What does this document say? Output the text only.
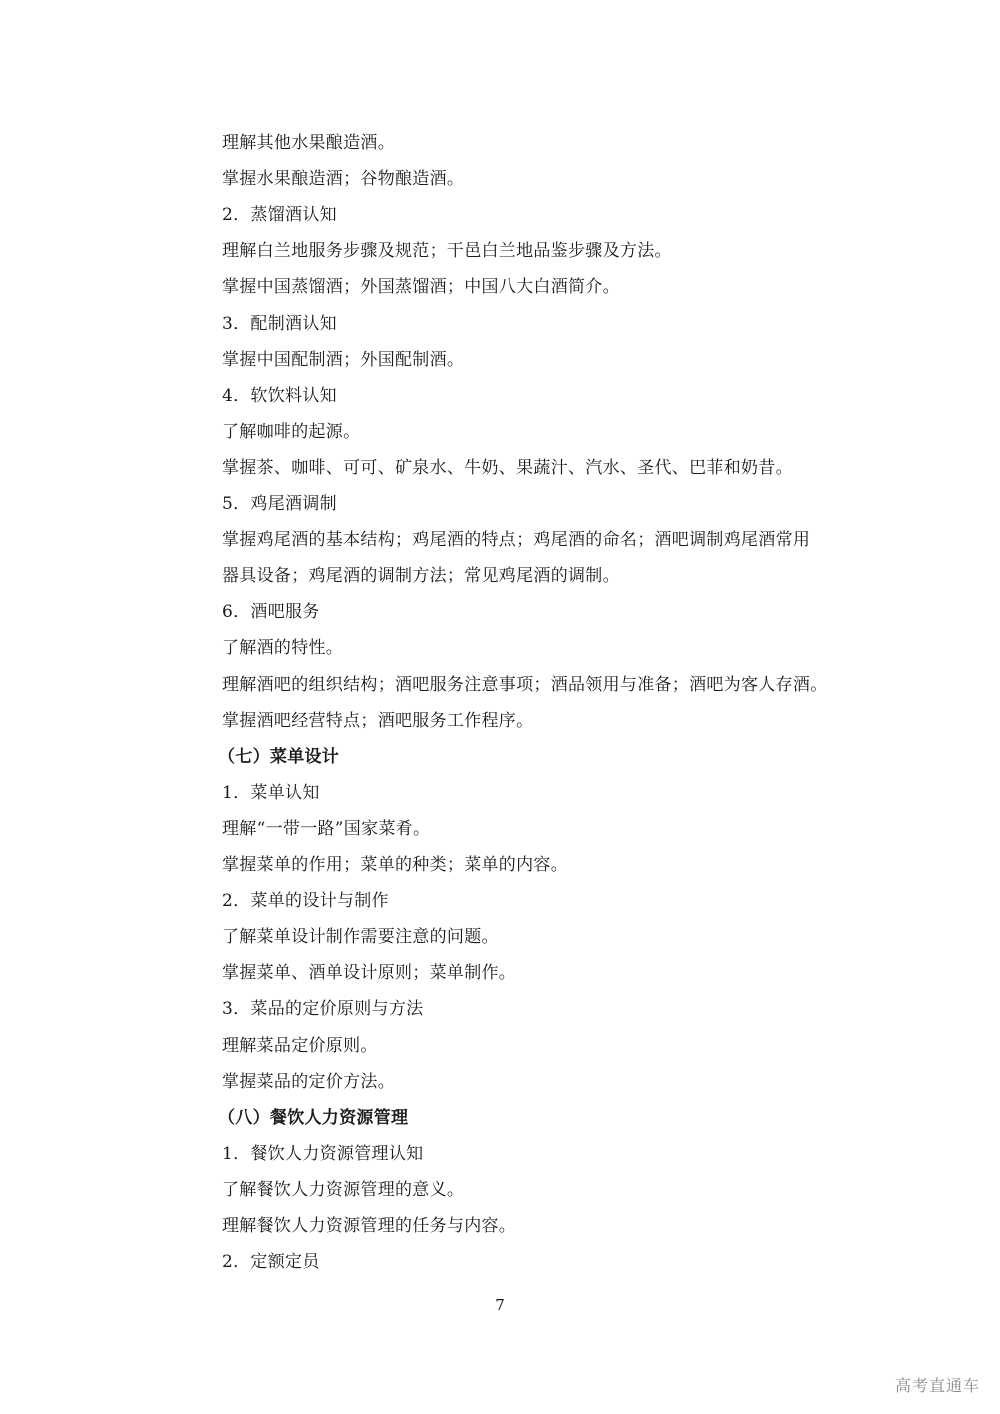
理解其他水果酿造酒。
掌握水果酿造酒；谷物酿造酒。
2．蒸馏酒认知
理解白兰地服务步骤及规范；干邑白兰地品鉴步骤及方法。
掌握中国蒸馏酒；外国蒸馏酒；中国八大白酒简介。
3．配制酒认知
掌握中国配制酒；外国配制酒。
4．软饮料认知
了解咖啡的起源。
掌握茶、咖啡、可可、矿泉水、牛奶、果蔬汁、汽水、圣代、巴菲和奶昔。
5．鸡尾酒调制
掌握鸡尾酒的基本结构；鸡尾酒的特点；鸡尾酒的命名；酒吧调制鸡尾酒常用
器具设备；鸡尾酒的调制方法；常见鸡尾酒的调制。
6．酒吧服务
了解酒的特性。
理解酒吧的组织结构；酒吧服务注意事项；酒品领用与准备；酒吧为客人存酒。
掌握酒吧经营特点；酒吧服务工作程序。
（七）菜单设计
1．菜单认知
理解“一带一路”国家菜肴。
掌握菜单的作用；菜单的种类；菜单的内容。
2．菜单的设计与制作
了解菜单设计制作需要注意的问题。
掌握菜单、酒单设计原则；菜单制作。
3．菜品的定价原则与方法
理解菜品定价原则。
掌握菜品的定价方法。
（八）餐饮人力资源管理
1．餐饮人力资源管理认知
了解餐饮人力资源管理的意义。
理解餐饮人力资源管理的任务与内容。
2．定额定员
7
高考直通车
